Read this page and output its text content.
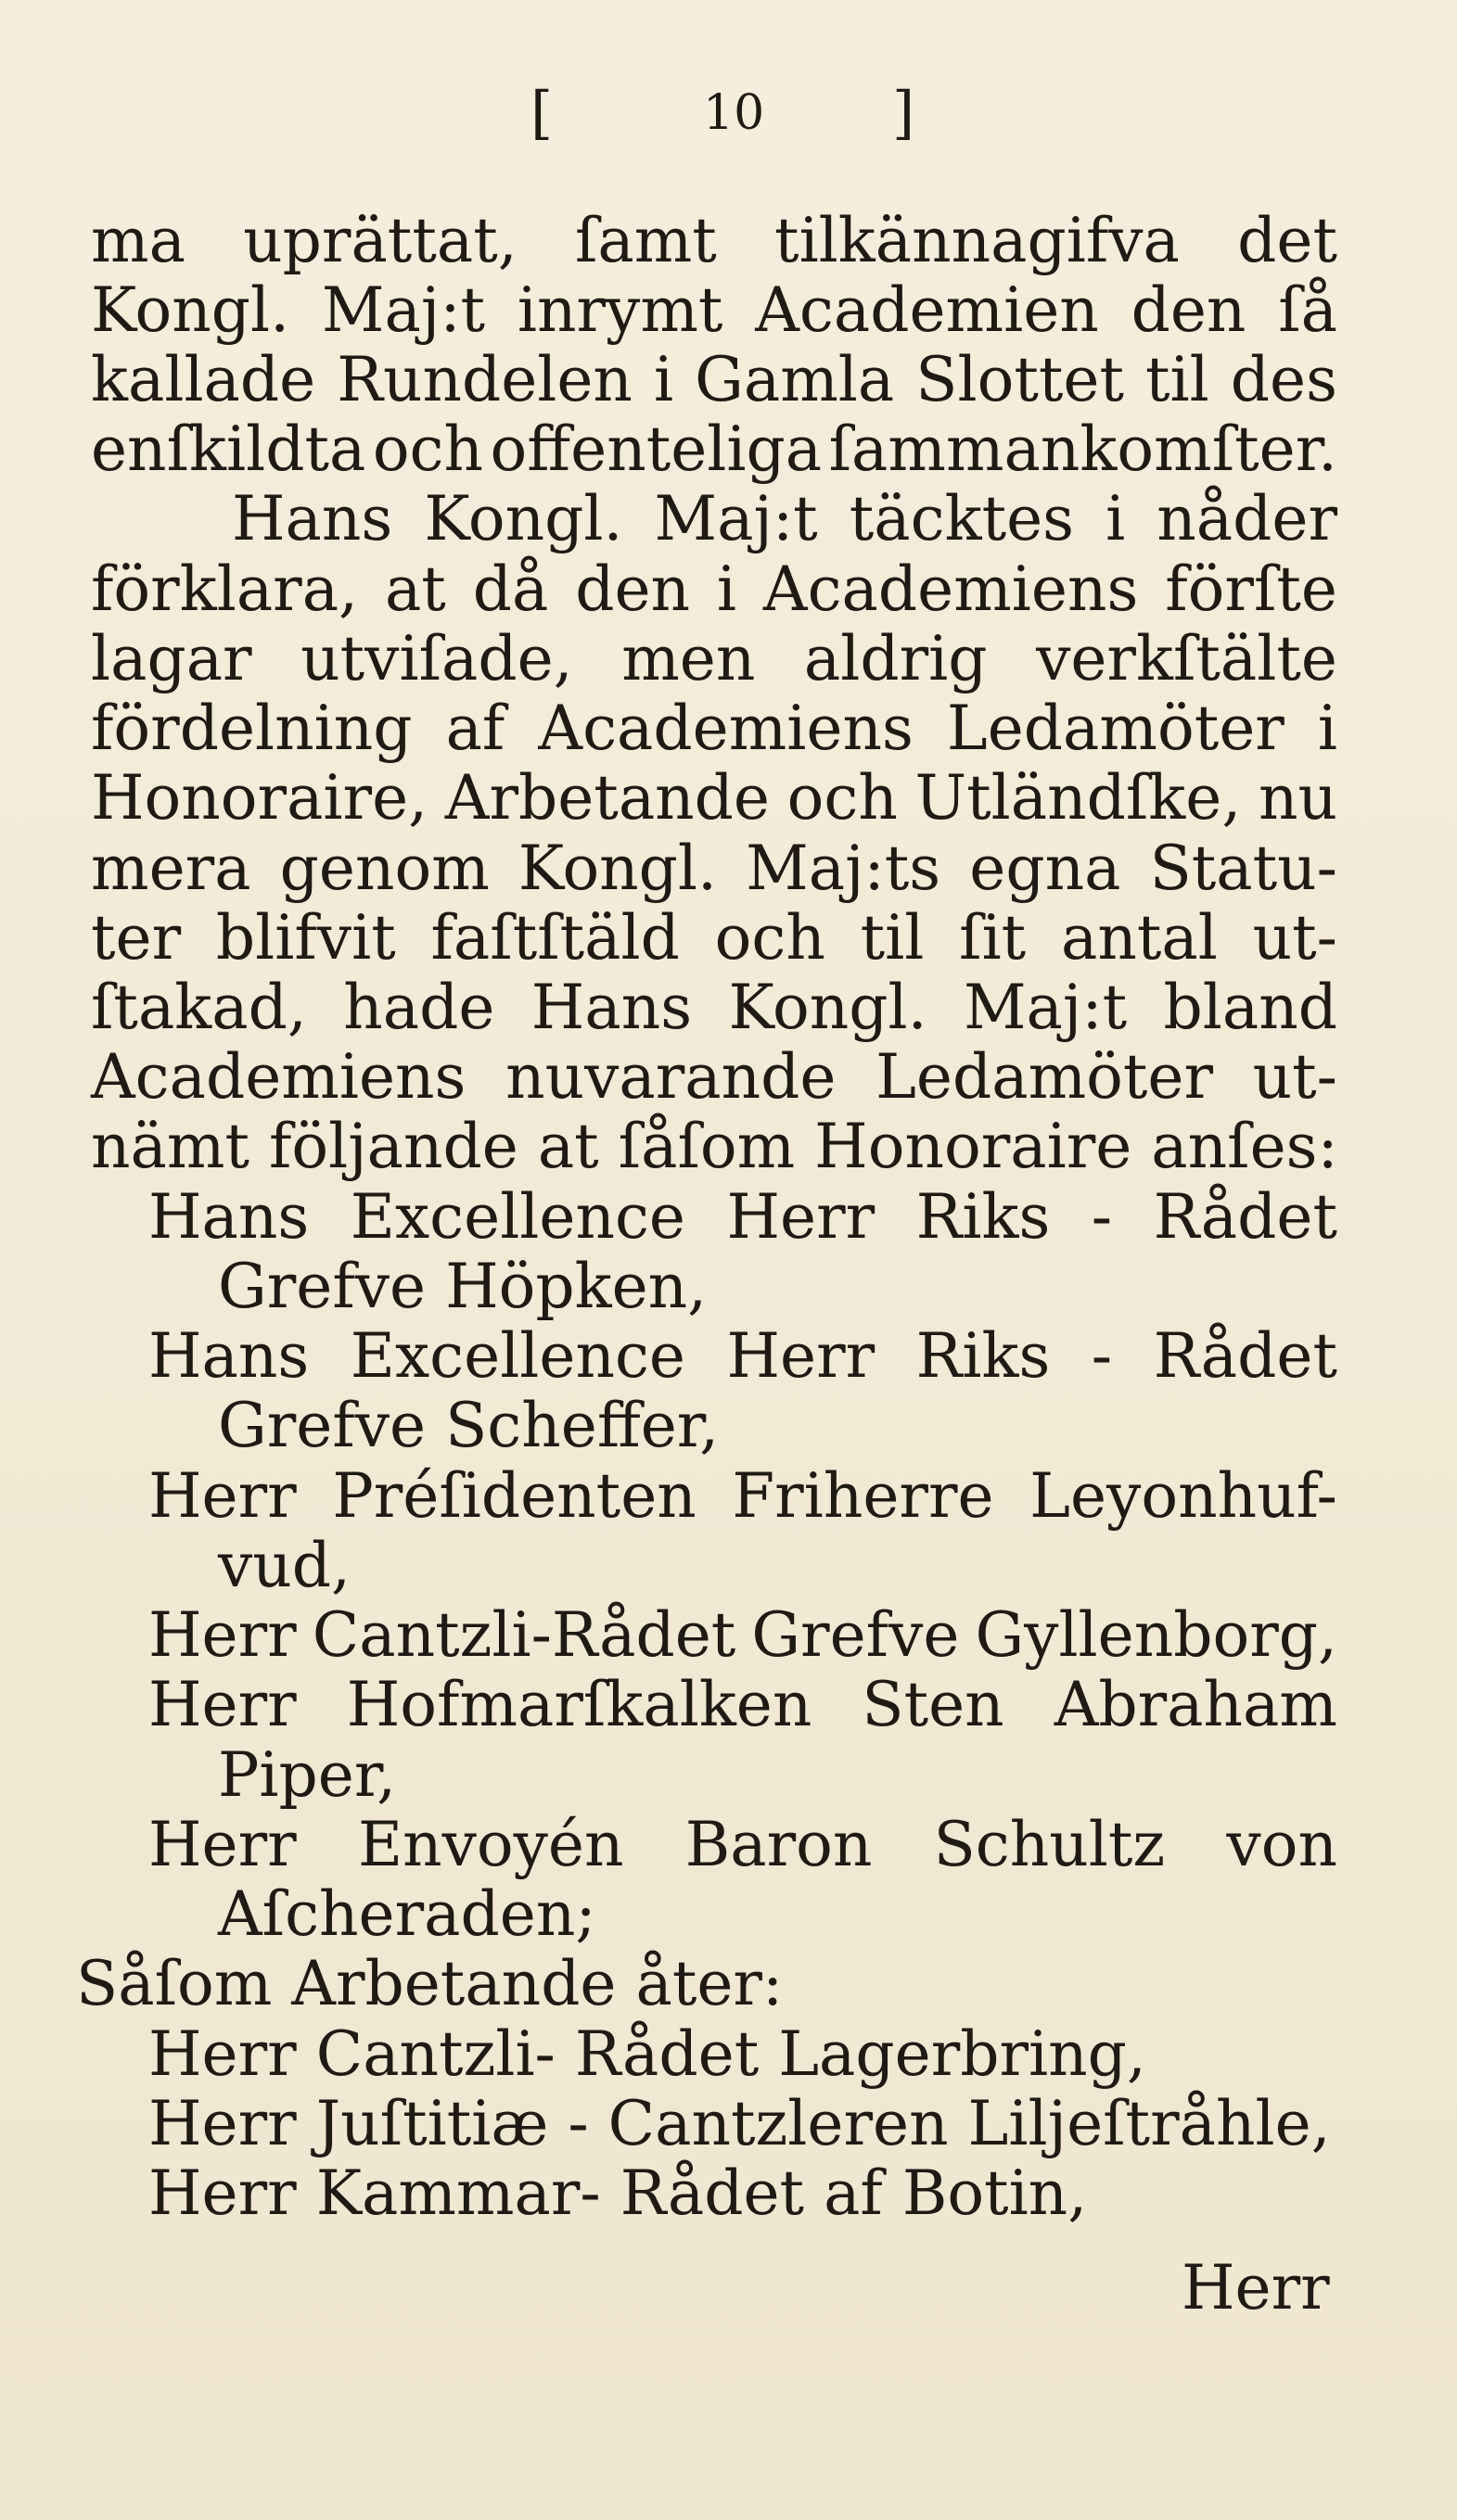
[	10 ]
ma uprättat, ſamt tilkännagifva det
Kongl. Maj:t inrymt Academien den ſå
kallade Rundelen i Gamla Slottet til des
enſkildta och offenteliga ſammankomſter.
Hans Kongl. Maj:t täcktes i nåder
förklara, at då den i Academiens förſte
lagar utviſade, men aldrig verkſtälte
fördelning af Academiens Ledamöter i
Honoraire, Arbetande och Utländſke, nu
mera genom Kongl. Maj:ts egna Statu-
ter blifvit faſtſtäld och til ſit antal ut-
ſtakad, hade Hans Kongl. Maj:t bland
Academiens nuvarande Ledamöter ut-
nämt följande at ſåſom Honoraire anſes:
Hans Excellence Herr Riks - Rådet
Grefve Höpken,
Hans Excellence Herr Riks - Rådet
Grefve Scheffer,
Herr Préſidenten Friherre Leyonhuf-
vud,
Herr Cantzli-Rådet Grefve Gyllenborg,
Herr Hofmarſkalken Sten Abraham
Piper,
Herr Envoyén Baron Schultz von
Aſcheraden;
Såſom Arbetande åter:
Herr Cantzli- Rådet Lagerbring,
Herr Juſtitiæ - Cantzleren Liljeſtråhle,
Herr Kammar- Rådet af Botin,
Herr
